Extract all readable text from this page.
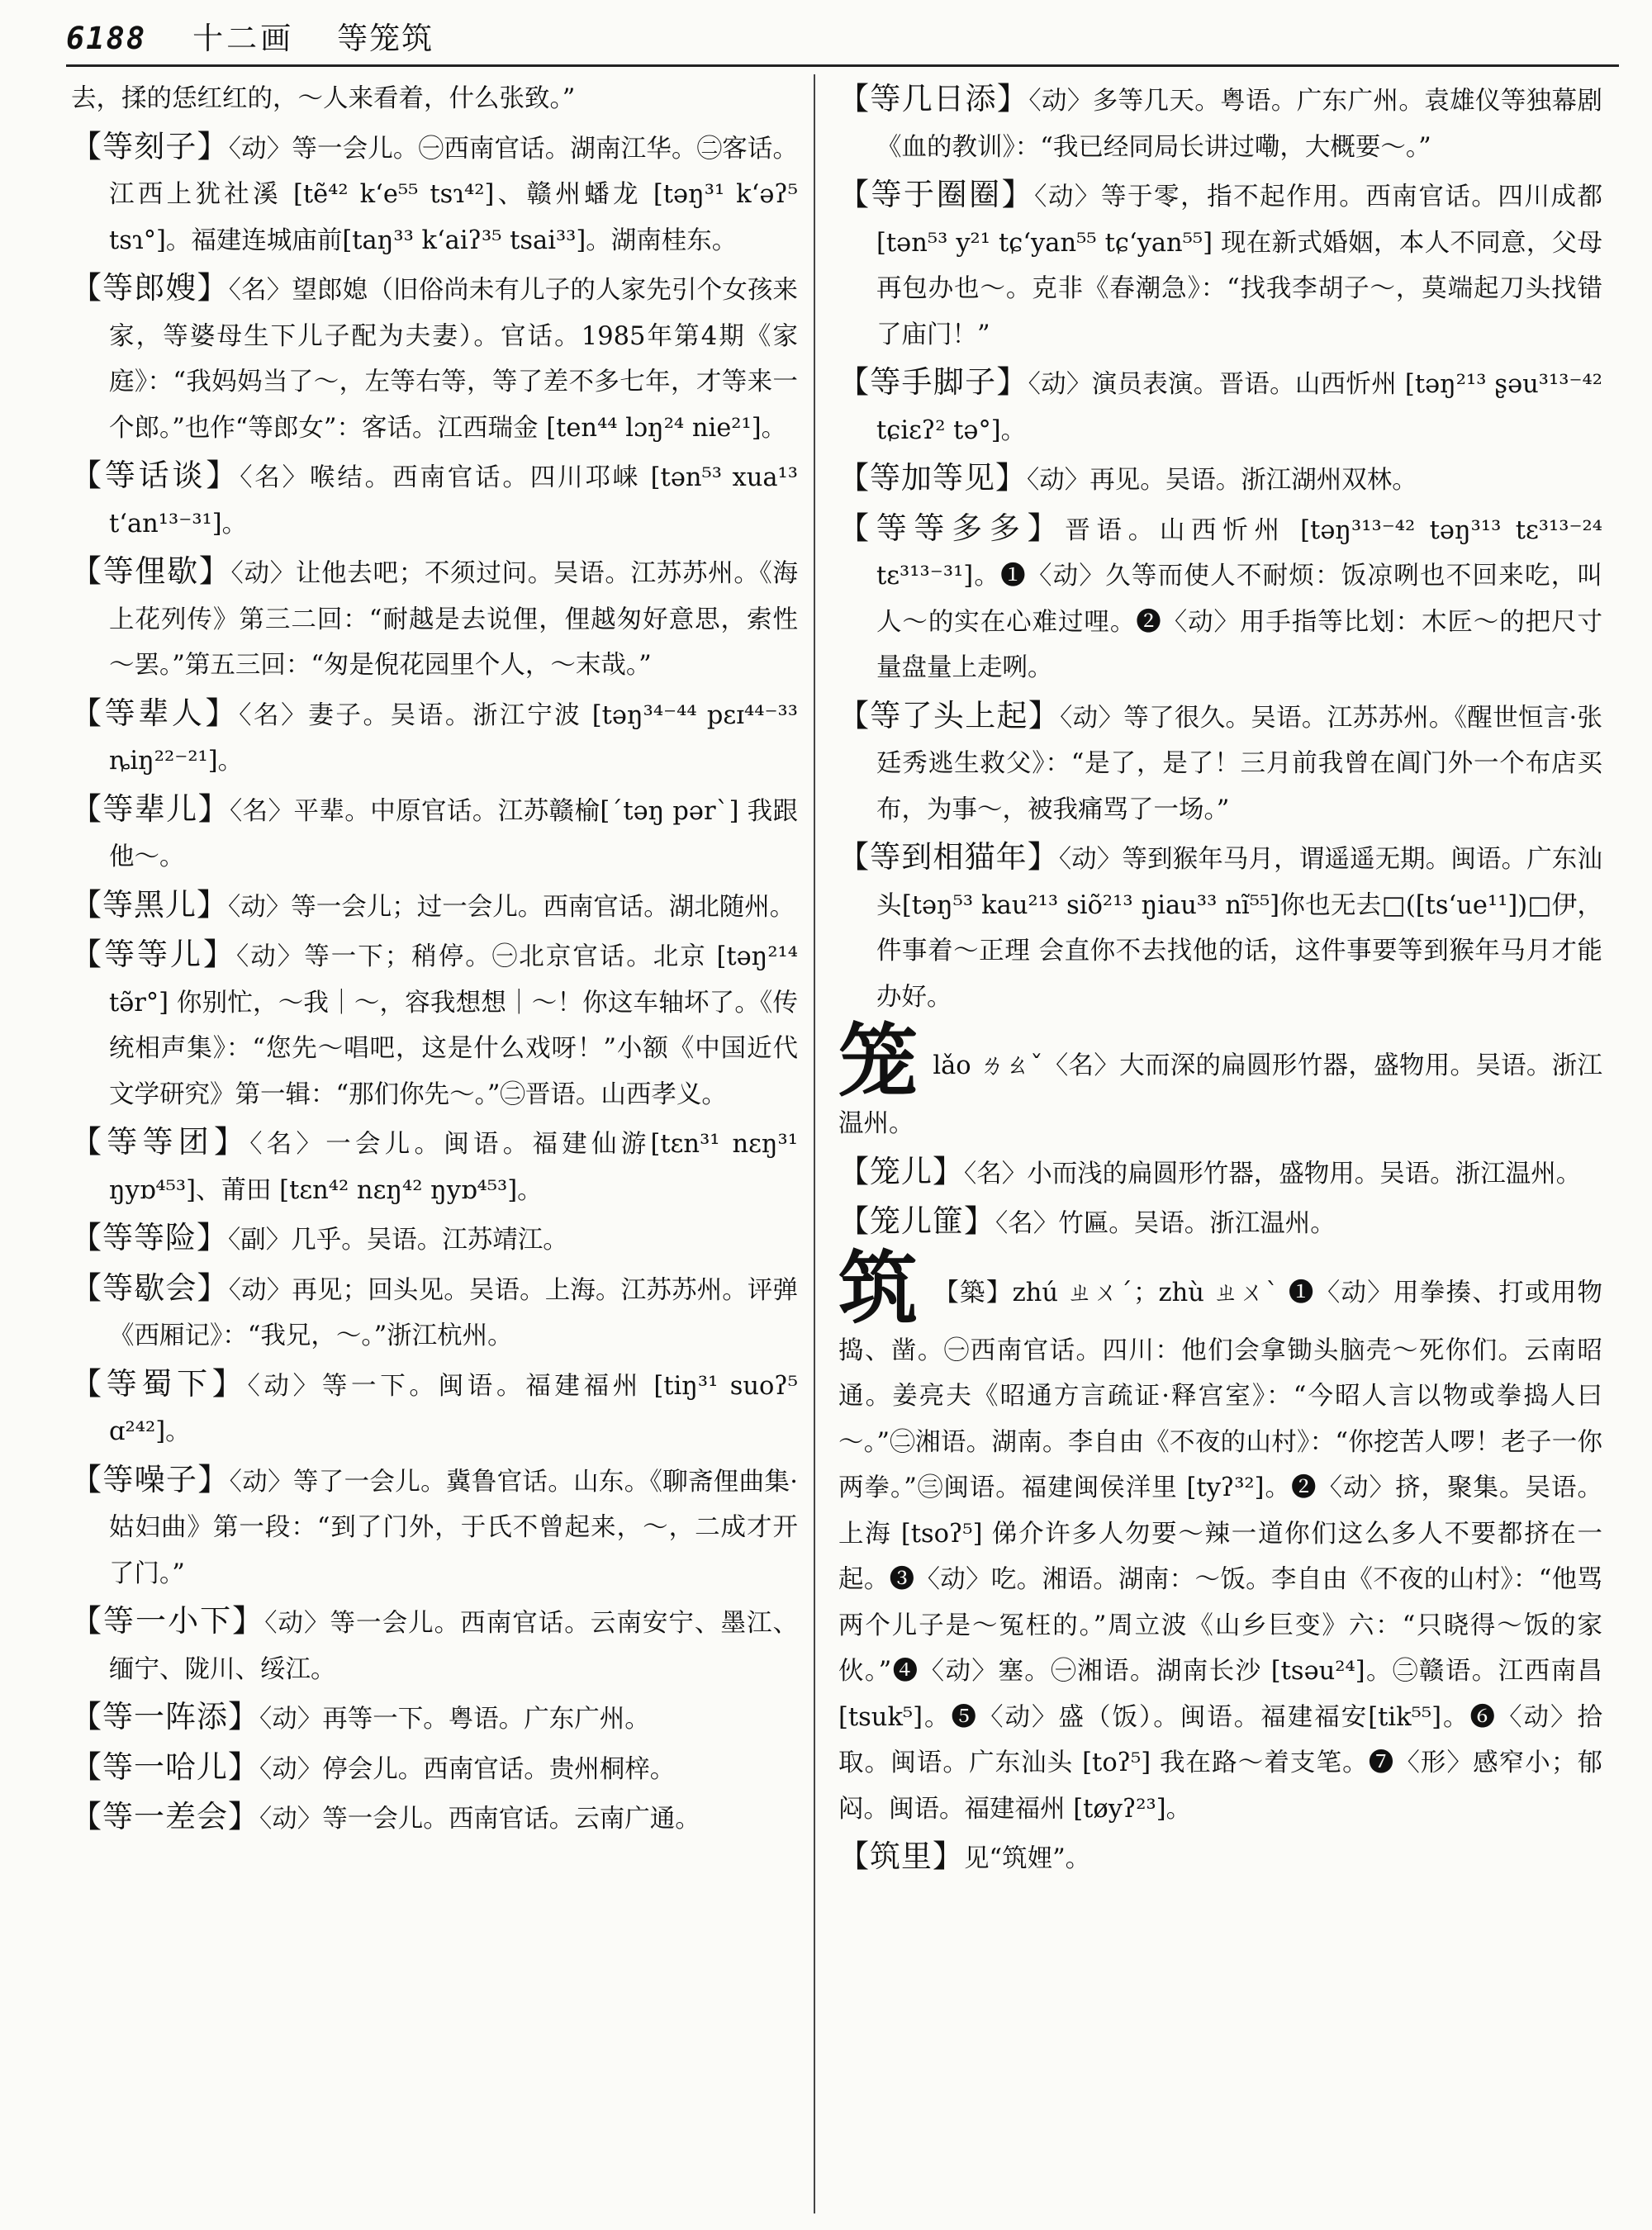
6188 十二画 等笼筑

去，揉的恁红红的，～人来看着，什么张致。”

【等刻子】〈动〉等一会儿。㊀西南官话。湖南江华。㊁客话。江西上犹社溪 [tẽ⁴² k‘e⁵⁵ tsɿ⁴²]、赣州蟠龙 [təŋ³¹ k‘əʔ⁵ tsɿ°]。福建连城庙前[taŋ³³ k‘aiʔ³⁵ tsai³³]。湖南桂东。

【等郎嫂】〈名〉望郎媳（旧俗尚未有儿子的人家先引个女孩来家，等婆母生下儿子配为夫妻）。官话。1985年第4期《家庭》：“我妈妈当了～，左等右等，等了差不多七年，才等来一个郎。”也作“等郎女”：客话。江西瑞金 [ten⁴⁴ lɔŋ²⁴ nie²¹]。

【等话谈】〈名〉喉结。西南官话。四川邛崃 [tən⁵³ xua¹³ t‘an¹³⁻³¹]。

【等俚歇】〈动〉让他去吧；不须过问。吴语。江苏苏州。《海上花列传》第三二回：“耐越是去说俚，俚越匆好意思，索性～罢。”第五三回：“匆是倪花园里个人，～末哉。”

【等辈人】〈名〉妻子。吴语。浙江宁波 [təŋ³⁴⁻⁴⁴ pɛɪ⁴⁴⁻³³ ȵiŋ²²⁻²¹]。

【等辈儿】〈名〉平辈。中原官话。江苏赣榆[ˊtəŋ pərˋ] 我跟他～。

【等黑儿】〈动〉等一会儿；过一会儿。西南官话。湖北随州。

【等等儿】〈动〉等一下；稍停。㊀北京官话。北京 [təŋ²¹⁴ tə̃r°] 你别忙，～我｜～，容我想想｜～！你这车轴坏了。《传统相声集》：“您先～唱吧，这是什么戏呀！”小额《中国近代文学研究》第一辑：“那们你先～。”㊁晋语。山西孝义。

【等等团】〈名〉一会儿。闽语。福建仙游[tɛn³¹ nɛŋ³¹ ŋyɒ⁴⁵³]、莆田 [tɛn⁴² nɛŋ⁴² ŋyɒ⁴⁵³]。

【等等险】〈副〉几乎。吴语。江苏靖江。

【等歇会】〈动〉再见；回头见。吴语。上海。江苏苏州。评弹《西厢记》：“我兄，～。”浙江杭州。

【等蜀下】〈动〉等一下。闽语。福建福州 [tiŋ³¹ suoʔ⁵ ɑ²⁴²]。

【等噪子】〈动〉等了一会儿。冀鲁官话。山东。《聊斋俚曲集·姑妇曲》第一段：“到了门外，于氏不曾起来，～，二成才开了门。”

【等一小下】〈动〉等一会儿。西南官话。云南安宁、墨江、缅宁、陇川、绥江。

【等一阵添】〈动〉再等一下。粤语。广东广州。

【等一哈儿】〈动〉停会儿。西南官话。贵州桐梓。

【等一差会】〈动〉等一会儿。西南官话。云南广通。

【等几日添】〈动〉多等几天。粤语。广东广州。袁雄仪等独幕剧《血的教训》：“我已经同局长讲过嘞，大概要～。”

【等于圈圈】〈动〉等于零，指不起作用。西南官话。四川成都 [tən⁵³ y²¹ tɕ‘yan⁵⁵ tɕ‘yan⁵⁵] 现在新式婚姻，本人不同意，父母再包办也～。克非《春潮急》：“找我李胡子～，莫端起刀头找错了庙门！”

【等手脚子】〈动〉演员表演。晋语。山西忻州 [təŋ²¹³ ʂəu³¹³⁻⁴² tɕiɛʔ² tə°]。

【等加等见】〈动〉再见。吴语。浙江湖州双林。

【等等多多】晋语。山西忻州 [təŋ³¹³⁻⁴² təŋ³¹³ tɛ³¹³⁻²⁴ tɛ³¹³⁻³¹]。❶〈动〉久等而使人不耐烦：饭凉咧也不回来吃，叫人～的实在心难过哩。❷〈动〉用手指等比划：木匠～的把尺寸量盘量上走咧。

【等了头上起】〈动〉等了很久。吴语。江苏苏州。《醒世恒言·张廷秀逃生救父》：“是了，是了！三月前我曾在阊门外一个布店买布，为事～，被我痛骂了一场。”

【等到相猫年】〈动〉等到猴年马月，谓遥遥无期。闽语。广东汕头[təŋ⁵³ kau²¹³ siõ²¹³ ŋiau³³ nĩ⁵⁵]你也无去□([ts‘ue¹¹])□伊，件事着～正理 会直你不去找他的话，这件事要等到猴年马月才能办好。

笼lǎo ㄌㄠˇ〈名〉大而深的扁圆形竹器，盛物用。吴语。浙江温州。

【笼儿】〈名〉小而浅的扁圆形竹器，盛物用。吴语。浙江温州。

【笼儿篚】〈名〉竹匾。吴语。浙江温州。

筑 【築】zhú ㄓㄨˊ；zhù ㄓㄨˋ ❶〈动〉用拳揍、打或用物捣、凿。㊀西南官话。四川：他们会拿锄头脑壳～死你们。云南昭通。姜亮夫《昭通方言疏证·释宫室》：“今昭人言以物或拳捣人曰～。”㊁湘语。湖南。李自由《不夜的山村》：“你挖苦人啰！老子一你两拳。”㊂闽语。福建闽侯洋里 [tyʔ³²]。❷〈动〉挤，聚集。吴语。上海 [tsoʔ⁵] 俤介许多人勿要～辣一道你们这么多人不要都挤在一起。❸〈动〉吃。湘语。湖南：～饭。李自由《不夜的山村》：“他骂两个儿子是～冤枉的。”周立波《山乡巨变》六：“只晓得～饭的家伙。”❹〈动〉塞。㊀湘语。湖南长沙 [tsəu²⁴]。㊁赣语。江西南昌 [tsuk⁵]。❺〈动〉盛（饭）。闽语。福建福安[tik⁵⁵]。❻〈动〉拾取。闽语。广东汕头 [toʔ⁵] 我在路～着支笔。❼〈形〉感窄小；郁闷。闽语。福建福州 [tøyʔ²³]。

【筑里】见“筑娌”。
